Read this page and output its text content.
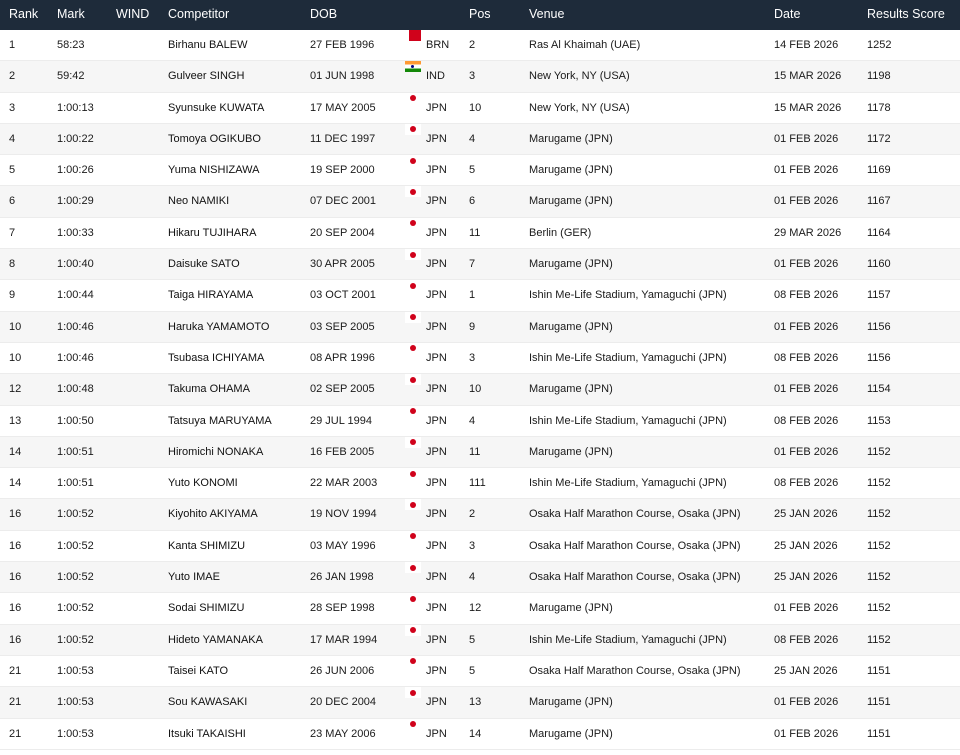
Rank Mark WIND Competitor	DOB	Pos	Venue	Date	Results Score
1	58:23	Birhanu BALEW	27 FEB 1996	BRN 2	Ras Al Khaimah (UAE)	14 FEB 2026	1252
2	59:42	Gulveer SINGH	01 JUN 1998	IND 3	New York, NY (USA)	15 MAR 2026 1198
3	1:00:13	Syunsuke KUWATA	17 MAY 2005	JPN 10	New York, NY (USA)	15 MAR 2026 1178
4	1:00:22	Tomoya OGIKUBO	11 DEC 1997	JPN 4	Marugame (JPN)	01 FEB 2026	1172
5	1:00:26	Yuma NISHIZAWA	19 SEP 2000	JPN 5	Marugame (JPN)	01 FEB 2026	1169
6	1:00:29	Neo NAMIKI	07 DEC 2001	JPN 6	Marugame (JPN)	01 FEB 2026	1167
7	1:00:33	Hikaru TUJIHARA	20 SEP 2004	JPN 11	Berlin (GER)	29 MAR 2026 1164
8	1:00:40	Daisuke SATO	30 APR 2005	JPN 7	Marugame (JPN)	01 FEB 2026	1160
9	1:00:44	Taiga HIRAYAMA	03 OCT 2001	JPN 1	Ishin Me-Life Stadium, Yamaguchi (JPN)	08 FEB 2026	1157
10	1:00:46	Haruka YAMAMOTO	03 SEP 2005	JPN 9	Marugame (JPN)	01 FEB 2026	1156
10	1:00:46	Tsubasa ICHIYAMA	08 APR 1996	JPN 3	Ishin Me-Life Stadium, Yamaguchi (JPN)	08 FEB 2026	1156
12	1:00:48	Takuma OHAMA	02 SEP 2005	JPN 10	Marugame (JPN)	01 FEB 2026	1154
13	1:00:50	Tatsuya MARUYAMA	29 JUL 1994	JPN 4	Ishin Me-Life Stadium, Yamaguchi (JPN)	08 FEB 2026	1153
14	1:00:51	Hiromichi NONAKA	16 FEB 2005	JPN 11	Marugame (JPN)	01 FEB 2026	1152
14	1:00:51	Yuto KONOMI	22 MAR 2003	JPN 111	Ishin Me-Life Stadium, Yamaguchi (JPN)	08 FEB 2026	1152
16	1:00:52	Kiyohito AKIYAMA	19 NOV 1994	JPN 2	Osaka Half Marathon Course, Osaka (JPN)	25 JAN 2026	1152
16	1:00:52	Kanta SHIMIZU	03 MAY 1996	JPN 3	Osaka Half Marathon Course, Osaka (JPN)	25 JAN 2026	1152
16	1:00:52	Yuto IMAE	26 JAN 1998	JPN 4	Osaka Half Marathon Course, Osaka (JPN)	25 JAN 2026	1152
16	1:00:52	Sodai SHIMIZU	28 SEP 1998	JPN 12	Marugame (JPN)	01 FEB 2026	1152
16	1:00:52	Hideto YAMANAKA	17 MAR 1994	JPN 5	Ishin Me-Life Stadium, Yamaguchi (JPN)	08 FEB 2026	1152
21	1:00:53	Taisei KATO	26 JUN 2006	JPN 5	Osaka Half Marathon Course, Osaka (JPN)	25 JAN 2026	1151
21	1:00:53	Sou KAWASAKI	20 DEC 2004	JPN 13	Marugame (JPN)	01 FEB 2026	1151
21	1:00:53	Itsuki TAKAISHI	23 MAY 2006	JPN 14	Marugame (JPN)	01 FEB 2026	1151
